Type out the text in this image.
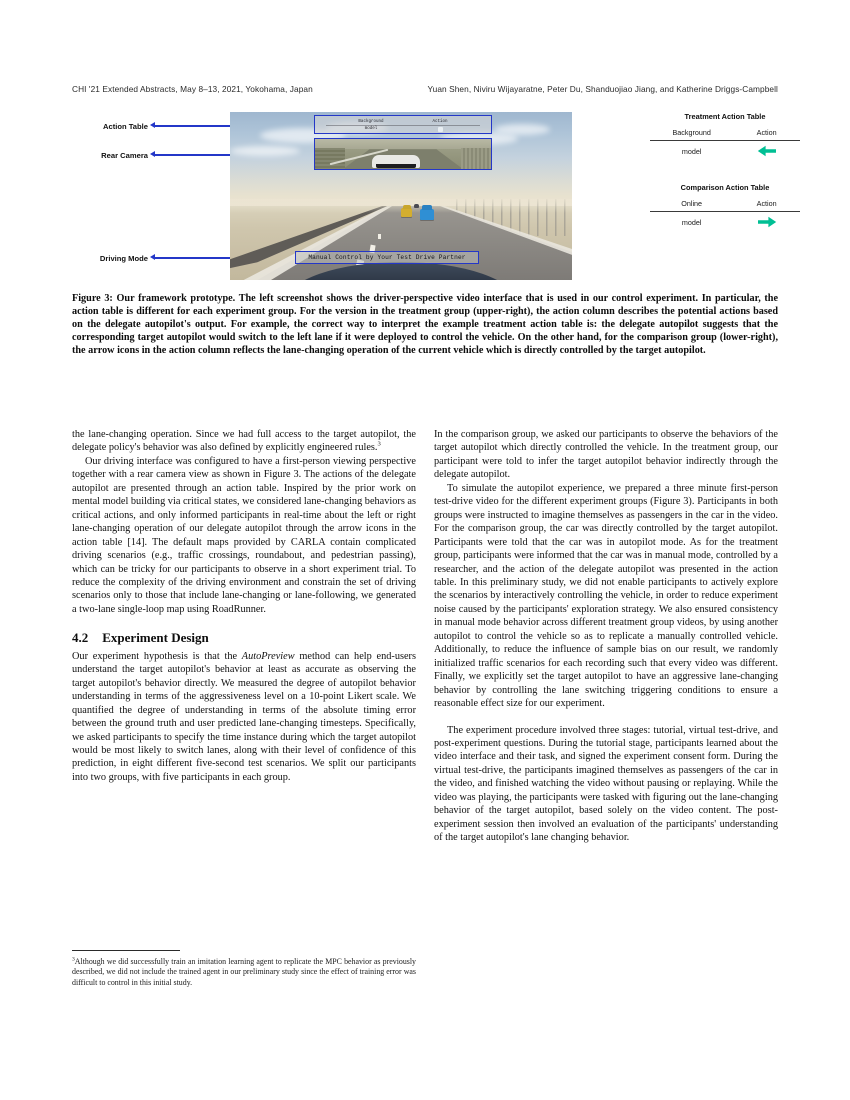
CHI '21 Extended Abstracts, May 8–13, 2021, Yokohama, Japan	Yuan Shen, Niviru Wijayaratne, Peter Du, Shanduojiao Jiang, and Katherine Driggs-Campbell
Action Table
Rear Camera
Driving Mode
Background	Action
model
Manual Control by Your Test Drive Partner
Treatment Action Table
Background	Action
model
Comparison Action Table
Online	Action
model
Figure 3: Our framework prototype. The left screenshot shows the driver-perspective video interface that is used in our control experiment. In particular, the action table is different for each experiment group. For the version in the treatment group (upper-right), the action column describes the potential actions based on the delegate autopilot's output. For example, the correct way to interpret the example treatment action table is: the delegate autopilot suggests that the corresponding target autopilot would switch to the left lane if it were deployed to control the vehicle. On the other hand, for the comparison group (lower-right), the arrow icons in the action column reflects the lane-changing operation of the current vehicle which is directly controlled by the target autopilot.

the lane-changing operation. Since we had full access to the target autopilot, the delegate policy's behavior was also defined by explicitly engineered rules.$^3$

Our driving interface was configured to have a first-person viewing perspective together with a rear camera view as shown in Figure 3. The actions of the delegate autopilot are presented through an action table. Inspired by the prior work on mental model building via critical states, we considered lane-changing behaviors as critical actions, and only informed participants in real-time about the left or right lane-changing operation of our delegate autopilot through the arrow icons in the action table [14]. The default maps provided by CARLA contain complicated driving scenarios (e.g., traffic crossings, roundabout, and pedestrian passing), which can be tricky for our participants to observe in a short experiment trial. To reduce the complexity of the driving environment and constrain the set of driving scenarios only to those that include lane-changing or lane-following, we generated a two-lane single-loop map using RoadRunner.

4.2 Experiment Design

Our experiment hypothesis is that the AutoPreview method can help end-users understand the target autopilot's behavior at least as accurate as observing the target autopilot's behavior directly. We measured the degree of autopilot behavior understanding in terms of the aggressiveness level on a 10-point Likert scale. We quantified the degree of understanding in terms of the absolute timing error between the ground truth and user predicted lane-changing timesteps. Specifically, we asked participants to specify the time instance during which the target autopilot would be most likely to switch lanes, along with their level of confidence of this prediction, in eight different five-second test scenarios. We split our participants into two groups, with five participants in each group.

$^3$Although we did successfully train an imitation learning agent to replicate the MPC behavior as previously described, we did not include the trained agent in our preliminary study since the effect of training error was difficult to control in this initial study.

In the comparison group, we asked our participants to observe the behaviors of the target autopilot which directly controlled the vehicle. In the treatment group, our participant were told to infer the target autopilot behavior indirectly through the delegate autopilot.

To simulate the autopilot experience, we prepared a three minute first-person test-drive video for the different experiment groups (Figure 3). Participants in both groups were instructed to imagine themselves as passengers in the car in the video. For the comparison group, the car was directly controlled by the target autopilot. Participants were told that the car was in autopilot mode. As for the treatment group, participants were informed that the car was in manual mode, controlled by a researcher, and the action of the delegate autopilot was presented in the action table. In this preliminary study, we did not enable participants to actively explore the scenarios by interactively controlling the vehicle, in order to reduce experiment noise caused by the participants' exploration strategy. We also ensured consistency in manual mode behavior across different treatment group videos, by using another autopilot to control the vehicle so as to replicate a manually controlled vehicle. Additionally, to reduce the influence of sample bias on our result, we randomly initialized traffic scenarios for each recording such that every video was different. Finally, we explicitly set the target autopilot to have an aggressive lane-changing behavior by controlling the lane switching triggering conditions to ensure a reasonable effect size for our experiment.

The experiment procedure involved three stages: tutorial, virtual test-drive, and post-experiment questions. During the tutorial stage, participants learned about the video interface and their task, and signed the experiment consent form. During the virtual test-drive, the participants imagined themselves as passengers of the car in the video, and finished watching the video without pausing or replaying. While the video was playing, the participants were tasked with figuring out the lane-changing behavior of the target autopilot, based solely on the video content. The post-experiment session then involved an evaluation of the participants' understanding of the target autopilot's lane changing behavior.
